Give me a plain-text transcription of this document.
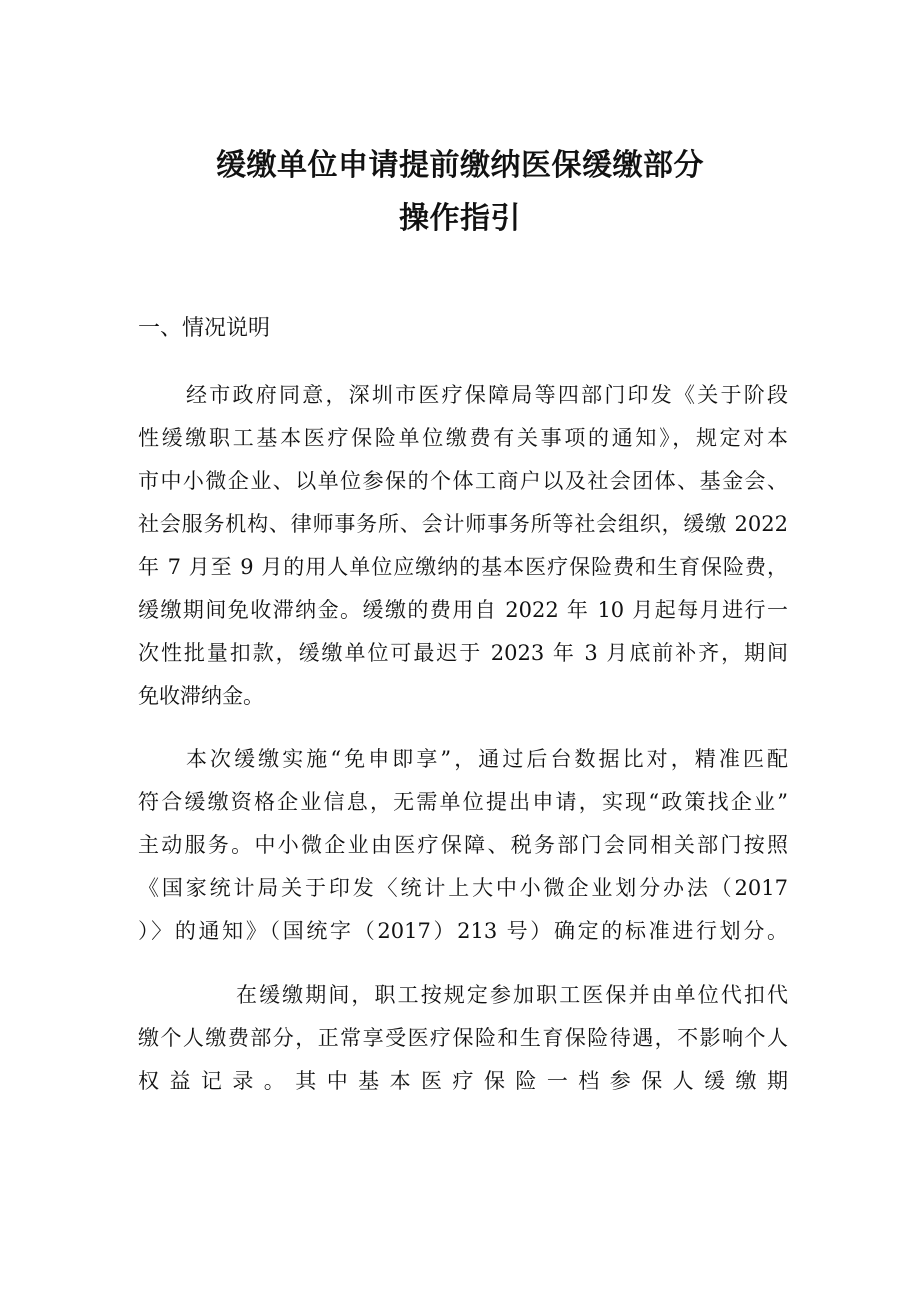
缓缴单位申请提前缴纳医保缓缴部分
操作指引
一、情况说明
经市政府同意，深圳市医疗保障局等四部门印发《关于阶段
性缓缴职工基本医疗保险单位缴费有关事项的通知》，规定对本
市中小微企业、以单位参保的个体工商户以及社会团体、基金会、
社会服务机构、律师事务所、会计师事务所等社会组织，缓缴 2022
年 7 月至 9 月的用人单位应缴纳的基本医疗保险费和生育保险费，
缓缴期间免收滞纳金。缓缴的费用自 2022 年 10 月起每月进行一
次性批量扣款，缓缴单位可最迟于 2023 年 3 月底前补齐，期间
免收滞纳金。
本次缓缴实施“免申即享”，通过后台数据比对，精准匹配
符合缓缴资格企业信息，无需单位提出申请，实现“政策找企业”
主动服务。中小微企业由医疗保障、税务部门会同相关部门按照
《国家统计局关于印发〈统计上大中小微企业划分办法（2017
）〉的通知》（国统字（2017）213 号）确定的标准进行划分。
在缓缴期间，职工按规定参加职工医保并由单位代扣代
缴个人缴费部分，正常享受医疗保险和生育保险待遇，不影响个人
权益记录。其中基本医疗保险一档参保人缓缴期
